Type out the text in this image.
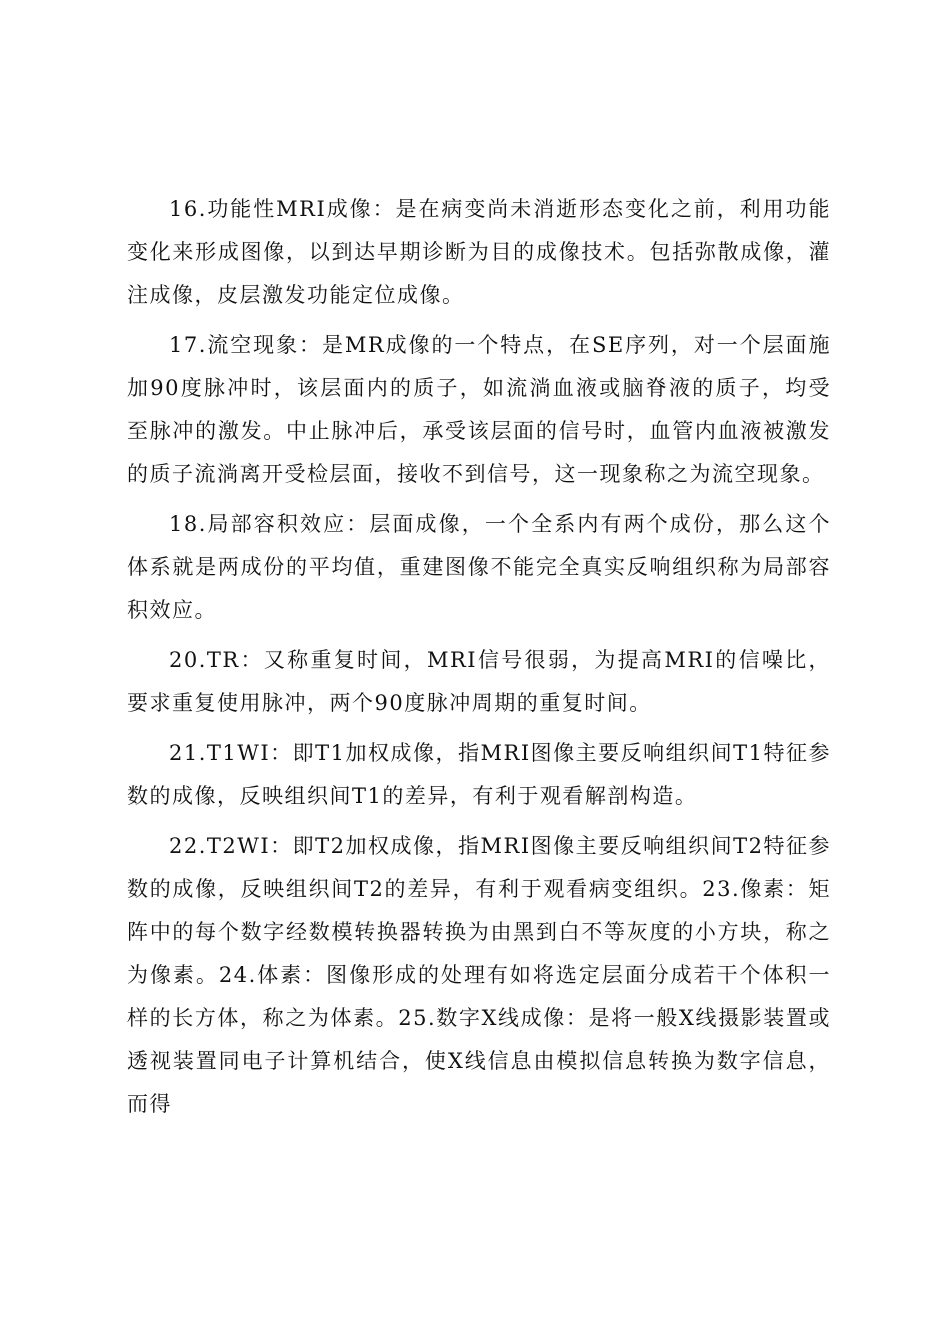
16.功能性MRI成像：是在病变尚未消逝形态变化之前，利用功能变化来形成图像，以到达早期诊断为目的成像技术。包括弥散成像，灌注成像，皮层激发功能定位成像。

17.流空现象：是MR成像的一个特点，在SE序列，对一个层面施加90度脉冲时，该层面内的质子，如流淌血液或脑脊液的质子，均受至脉冲的激发。中止脉冲后，承受该层面的信号时，血管内血液被激发的质子流淌离开受检层面，接收不到信号，这一现象称之为流空现象。

18.局部容积效应：层面成像，一个全系内有两个成份，那么这个体系就是两成份的平均值，重建图像不能完全真实反响组织称为局部容积效应。

20.TR：又称重复时间，MRI信号很弱，为提高MRI的信噪比，要求重复使用脉冲，两个90度脉冲周期的重复时间。

21.T1WI：即T1加权成像，指MRI图像主要反响组织间T1特征参数的成像，反映组织间T1的差异，有利于观看解剖构造。

22.T2WI：即T2加权成像，指MRI图像主要反响组织间T2特征参数的成像，反映组织间T2的差异，有利于观看病变组织。23.像素：矩阵中的每个数字经数模转换器转换为由黑到白不等灰度的小方块，称之为像素。24.体素：图像形成的处理有如将选定层面分成若干个体积一样的长方体，称之为体素。25.数字X线成像：是将一般X线摄影装置或透视装置同电子计算机结合，使X线信息由模拟信息转换为数字信息，而得
